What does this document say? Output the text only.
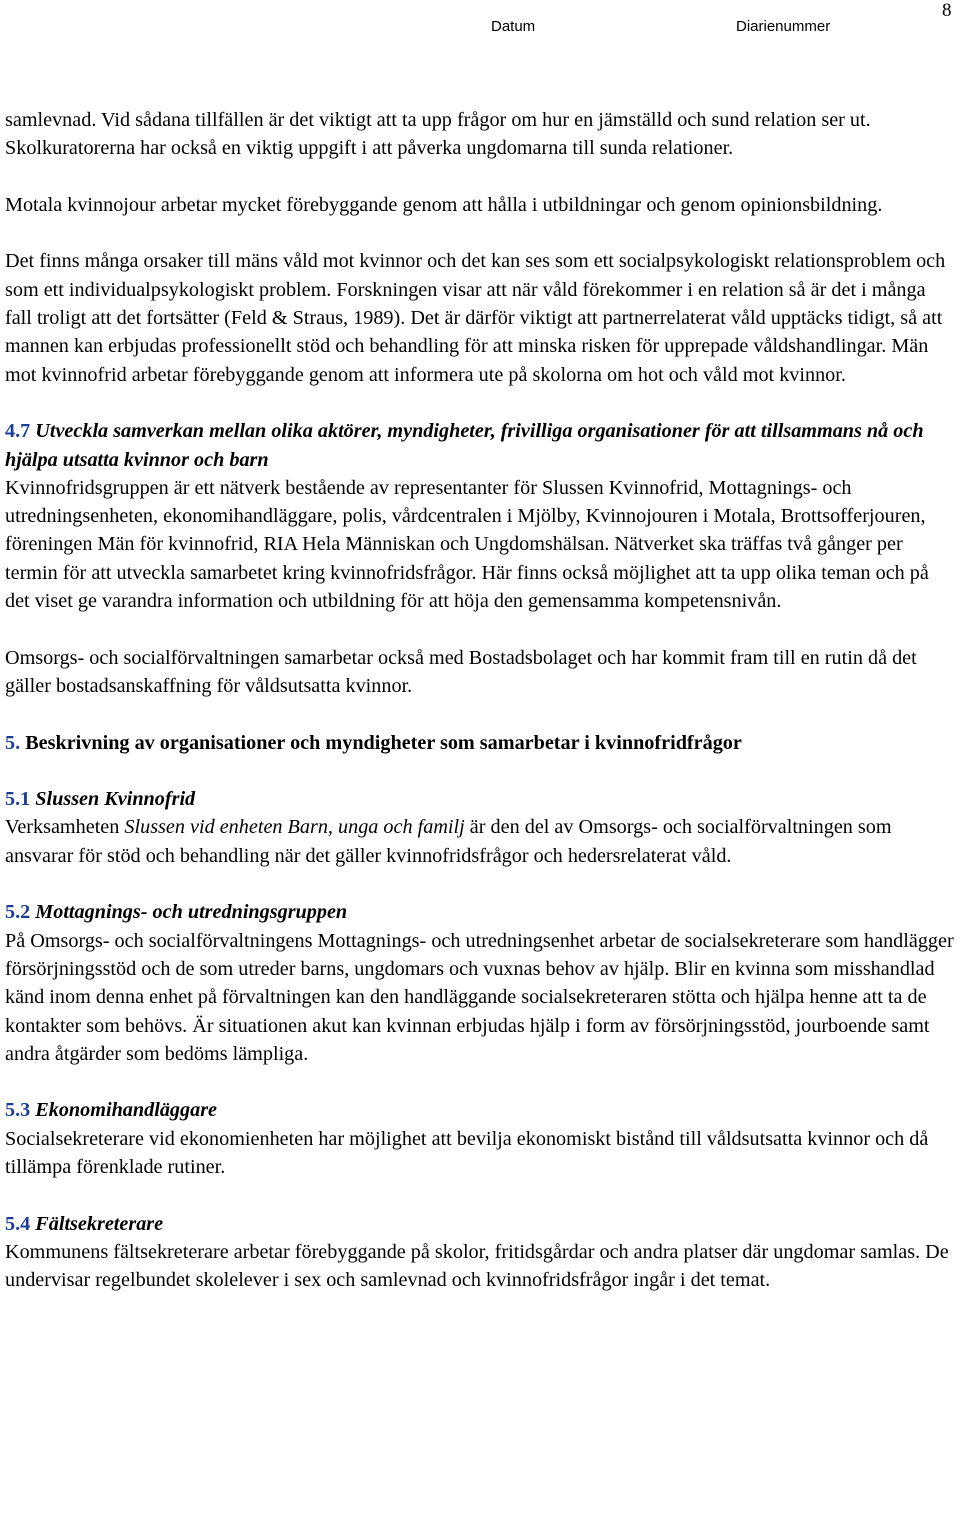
Datum	Diarienummer
8

samlevnad. Vid sådana tillfällen är det viktigt att ta upp frågor om hur en jämställd och sund relation ser ut. Skolkuratorerna har också en viktig uppgift i att påverka ungdomarna till sunda relationer.

Motala kvinnojour arbetar mycket förebyggande genom att hålla i utbildningar och genom opinionsbildning.

Det finns många orsaker till mäns våld mot kvinnor och det kan ses som ett socialpsykologiskt relationsproblem och som ett individualpsykologiskt problem. Forskningen visar att när våld förekommer i en relation så är det i många fall troligt att det fortsätter (Feld & Straus, 1989). Det är därför viktigt att partnerrelaterat våld upptäcks tidigt, så att mannen kan erbjudas professionellt stöd och behandling för att minska risken för upprepade våldshandlingar. Män mot kvinnofrid arbetar förebyggande genom att informera ute på skolorna om hot och våld mot kvinnor.

4.7 Utveckla samverkan mellan olika aktörer, myndigheter, frivilliga organisationer för att tillsammans nå och hjälpa utsatta kvinnor och barn

Kvinnofridsgruppen är ett nätverk bestående av representanter för Slussen Kvinnofrid, Mottagnings- och utredningsenheten, ekonomihandläggare, polis, vårdcentralen i Mjölby, Kvinnojouren i Motala, Brottsofferjouren, föreningen Män för kvinnofrid, RIA Hela Människan och Ungdomshälsan. Nätverket ska träffas två gånger per termin för att utveckla samarbetet kring kvinnofridsfrågor. Här finns också möjlighet att ta upp olika teman och på det viset ge varandra information och utbildning för att höja den gemensamma kompetensnivån.

Omsorgs- och socialförvaltningen samarbetar också med Bostadsbolaget och har kommit fram till en rutin då det gäller bostadsanskaffning för våldsutsatta kvinnor.

5. Beskrivning av organisationer och myndigheter som samarbetar i kvinnofridfrågor
5.1 Slussen Kvinnofrid

Verksamheten Slussen vid enheten Barn, unga och familj är den del av Omsorgs- och socialförvaltningen som ansvarar för stöd och behandling när det gäller kvinnofridsfrågor och hedersrelaterat våld.

5.2 Mottagnings- och utredningsgruppen

På Omsorgs- och socialförvaltningens Mottagnings- och utredningsenhet arbetar de socialsekreterare som handlägger försörjningsstöd och de som utreder barns, ungdomars och vuxnas behov av hjälp. Blir en kvinna som misshandlad känd inom denna enhet på förvaltningen kan den handläggande socialsekreteraren stötta och hjälpa henne att ta de kontakter som behövs. Är situationen akut kan kvinnan erbjudas hjälp i form av försörjningsstöd, jourboende samt andra åtgärder som bedöms lämpliga.

5.3 Ekonomihandläggare

Socialsekreterare vid ekonomienheten har möjlighet att bevilja ekonomiskt bistånd till våldsutsatta kvinnor och då tillämpa förenklade rutiner.

5.4 Fältsekreterare

Kommunens fältsekreterare arbetar förebyggande på skolor, fritidsgårdar och andra platser där ungdomar samlas. De undervisar regelbundet skolelever i sex och samlevnad och kvinnofridsfrågor ingår i det temat.
